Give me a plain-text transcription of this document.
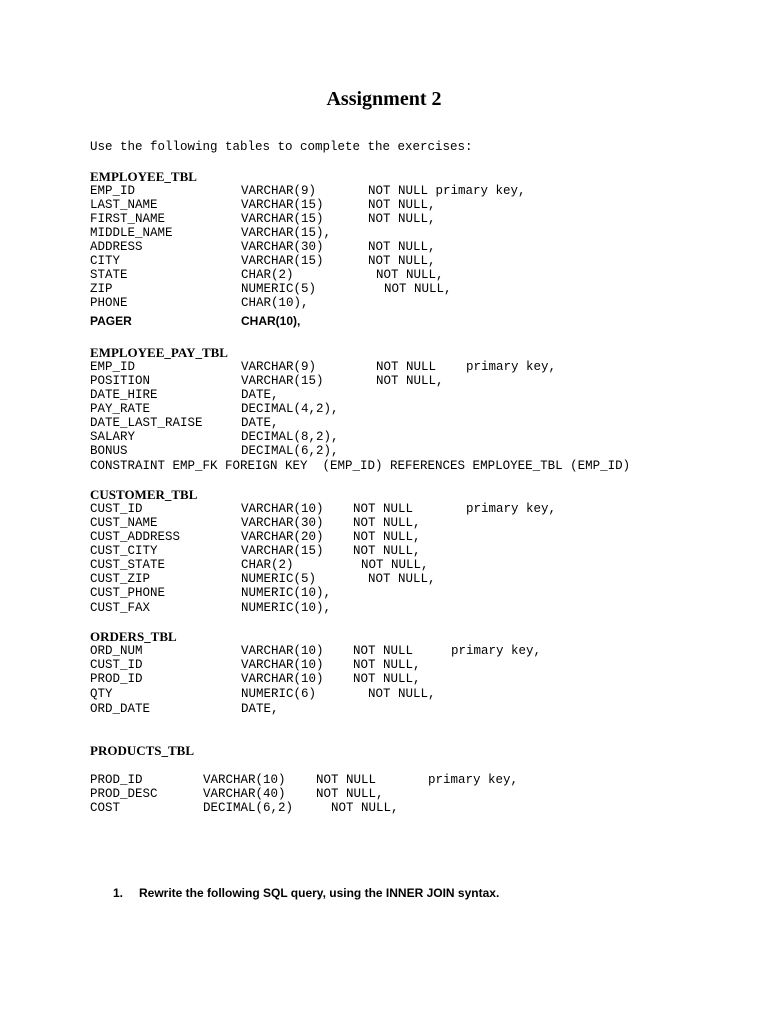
Assignment 2
Use the following tables to complete the exercises:
EMPLOYEE_TBL
EMP_ID	VARCHAR(9)	NOT NULL primary key,
LAST_NAME	VARCHAR(15)	NOT NULL,
FIRST_NAME	VARCHAR(15)	NOT NULL,
MIDDLE_NAME	VARCHAR(15),
ADDRESS	VARCHAR(30)	NOT NULL,
CITY	VARCHAR(15)	NOT NULL,
STATE	CHAR(2)	NOT NULL,
ZIP	NUMERIC(5)	NOT NULL,
PHONE	CHAR(10),
PAGER	CHAR(10),
EMPLOYEE_PAY_TBL
EMP_ID	VARCHAR(9)	NOT NULL primary key,
POSITION	VARCHAR(15)	NOT NULL,
DATE_HIRE	DATE,
PAY_RATE	DECIMAL(4,2),
DATE_LAST_RAISE	DATE,
SALARY	DECIMAL(8,2),
BONUS	DECIMAL(6,2),
CONSTRAINT EMP_FK FOREIGN KEY  (EMP_ID) REFERENCES EMPLOYEE_TBL (EMP_ID)
CUSTOMER_TBL
CUST_ID	VARCHAR(10) NOT NULL	primary key,
CUST_NAME	VARCHAR(30) NOT NULL,
CUST_ADDRESS	VARCHAR(20) NOT NULL,
CUST_CITY	VARCHAR(15) NOT NULL,
CUST_STATE	CHAR(2)	NOT NULL,
CUST_ZIP	NUMERIC(5)	NOT NULL,
CUST_PHONE	NUMERIC(10),
CUST_FAX	NUMERIC(10),
ORDERS_TBL
ORD_NUM	VARCHAR(10) NOT NULL	primary key,
CUST_ID	VARCHAR(10) NOT NULL,
PROD_ID	VARCHAR(10) NOT NULL,
QTY	NUMERIC(6)	NOT NULL,
ORD_DATE	DATE,
PRODUCTS_TBL
PROD_ID	VARCHAR(10) NOT NULL	primary key,
PROD_DESC	VARCHAR(40) NOT NULL,
COST	DECIMAL(6,2)	NOT NULL,
1. Rewrite the following SQL query, using the INNER JOIN syntax.
